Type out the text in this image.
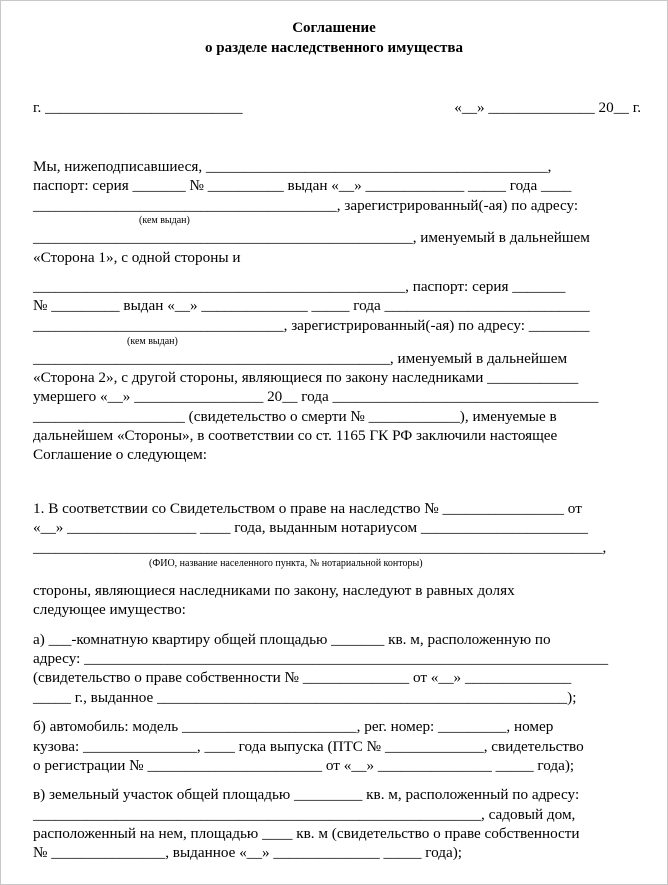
Соглашение
о разделе наследственного имущества
г. __________________________	«__» ______________ 20__ г.
Мы, нижеподписавшиеся, _____________________________________________,
паспорт: серия _______ № __________ выдан «__» _____________ _____ года ____
________________________________________, зарегистрированный(-ая) по адресу:
(кем выдан)
__________________________________________________, именуемый в дальнейшем
«Сторона 1», с одной стороны и
_________________________________________________, паспорт: серия _______
№ _________ выдан «__» ______________ _____ года ___________________________
_________________________________, зарегистрированный(-ая) по адресу: ________
(кем выдан)
_______________________________________________, именуемый в дальнейшем
«Сторона 2», с другой стороны, являющиеся по закону наследниками ____________
умершего «__» _________________ 20__ года ___________________________________
____________________ (свидетельство о смерти № ____________), именуемые в
дальнейшем «Стороны», в соответствии со ст. 1165 ГК РФ заключили настоящее
Соглашение о следующем:
1. В соответствии со Свидетельством о праве на наследство № ________________ от
«__» _________________ ____ года, выданным нотариусом ______________________
___________________________________________________________________________,
(ФИО, название населенного пункта, № нотариальной конторы)
стороны, являющиеся наследниками по закону, наследуют в равных долях
следующее имущество:
а) ___-комнатную квартиру общей площадью _______ кв. м, расположенную по
адресу: _____________________________________________________________________
(свидетельство о праве собственности № ______________ от «__» ______________
_____ г., выданное ______________________________________________________);
б) автомобиль: модель _______________________, рег. номер: _________, номер
кузова: _______________, ____ года выпуска (ПТС № _____________, свидетельство
о регистрации № _______________________ от «__» _______________ _____ года);
в) земельный участок общей площадью _________ кв. м, расположенный по адресу:
___________________________________________________________, садовый дом,
расположенный на нем, площадью ____ кв. м (свидетельство о праве собственности
№ _______________, выданное «__» ______________ _____ года);
